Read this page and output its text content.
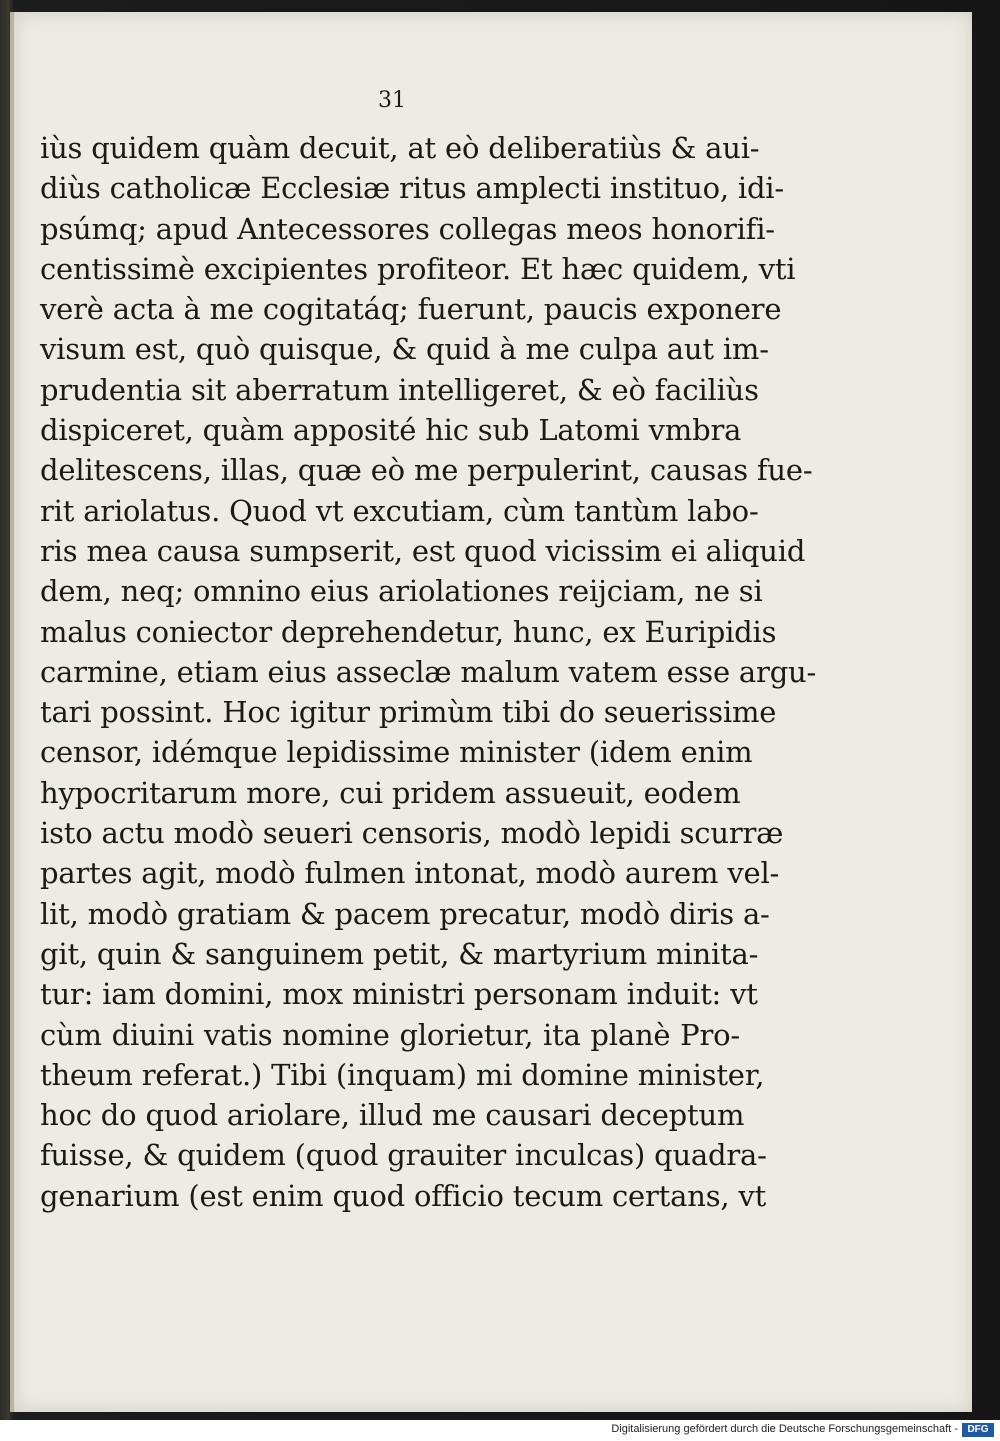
31
iùs quidem quàm decuit, at eò deliberatiùs & aui-
diùs catholicæ Ecclesiæ ritus amplecti instituo, idi-
psúmq; apud Antecessores collegas meos honorifi-
centissimè excipientes profiteor. Et hæc quidem, vti
verè acta à me cogitatáq; fuerunt, paucis exponere
visum est, quò quisque, & quid à me culpa aut im-
prudentia sit aberratum intelligeret, & eò faciliùs
dispiceret, quàm apposité hic sub Latomi vmbra
delitescens, illas, quæ eò me perpulerint, causas fue-
rit ariolatus. Quod vt excutiam, cùm tantùm labo-
ris mea causa sumpserit, est quod vicissim ei aliquid
dem, neq; omnino eius ariolationes reijciam, ne si
malus coniector deprehendetur, hunc, ex Euripidis
carmine, etiam eius asseclæ malum vatem esse argu-
tari possint. Hoc igitur primùm tibi do seuerissime
censor, idémque lepidissime minister (idem enim
hypocritarum more, cui pridem assueuit, eodem
isto actu modò seueri censoris, modò lepidi scurræ
partes agit, modò fulmen intonat, modò aurem vel-
lit, modò gratiam & pacem precatur, modò diris a-
git, quin & sanguinem petit, & martyrium minita-
tur: iam domini, mox ministri personam induit: vt
cùm diuini vatis nomine glorietur, ita planè Pro-
theum referat.) Tibi (inquam) mi domine minister,
hoc do quod ariolare, illud me causari deceptum
fuisse, & quidem (quod grauiter inculcas) quadra-
genarium (est enim quod officio tecum certans, vt
Digitalisierung gefördert durch die Deutsche Forschungsgemeinschaft - DFG
